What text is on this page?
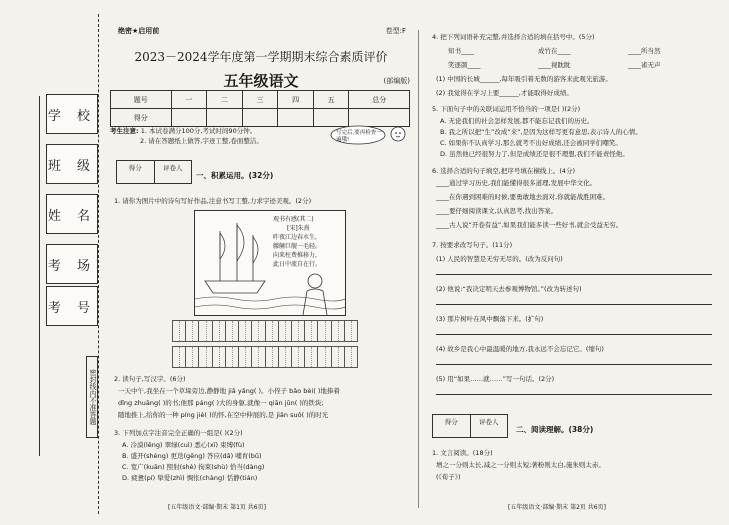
学 校
班 级
姓 名
考 场
考 号
密封线内不准答题
绝密★启用前	卷型:F
2023－2024学年度第一学期期末综合素质评价
五年级语文	(部编版)
题号	一	二	三	四	五	总分
得分						
考生注意: 1. 本试卷满分100分,考试时间90分钟。
2. 请在答题纸上做答,字迹工整,卷面整洁。
写完后,要再检查一遍哦!
得分	评卷人
一、积累运用。(32分)
1. 请你为图片中的诗句写好作品,注意书写工整,力求字迹美观。(2分)
观书有感(其二)
[宋]朱熹
昨夜江边春水生,
艨艟巨舰一毛轻。
向来枉费推移力,
此日中流自在行。
2. 读句子,写汉字。(6分)
一天中午,我坐在一个草垛旁边,静静地 jiǎ yǎng( )。小侄子 bǎo bèi( )地捧着
dǐng zhuāng( )的书;他那 páng( )大的身躯,就像一 qiān jūn( )的铁块;
随地推上,给你的一种 píng jiè( )的怀,在空中伸展的,是 jiǎn suǒ( )的时光
3. 下列加点字注音完全正确的一组是( )(2分)
A. 冷漠(lěng) 翠绿(cuì) 悉心(xī) 束缚(fù)
B. 盛开(shèng) 更迭(gēng) 答应(dā) 哺育(bǔ)
C. 宽广(kuān) 照射(shè) 拘束(shù) 恰当(dàng)
D. 疲惫(pí) 挚爱(zhì) 惆怅(chàng) 恬静(tián)
[五年级语文·部编·期末 第1页 共6页]
4. 把下列词语补充完整,并选择合适的填在括号中。(5分)
知书____	成竹在____	____所当然
笑逐颜____	____视眈眈	____雀无声
(1) 中国的长城______,每年吸引着无数的游客来此观光旅游。
(2) 我觉得在学习上要______,才能取得好成绩。
5. 下面句子中的关联词运用不恰当的一项是( )(2分)
A. 无论我们的社会怎样发展,都不能忘记我们的历史。
B. 我之所以把“生”改成“来”,是因为这样写更有意思,表示诗人的心情。
C. 如果你不认真学习,那么就考不出好成绩,还会被同学们嘲笑。
D. 虽然他已经很努力了,但是成绩还是很不理想,我们不能责怪他。
6. 选择合适的句子填空,把序号填在横线上。(4分)
____通过学习历史,我们能懂得很多道理,发展中华文化。
____在你遇到困难的时候,要勇敢地去面对,你就能战胜困难。
____要仔细阅读课文,认真思考,找出答案。
____古人说“开卷有益”,如果我们能多读一些好书,就会受益无穷。
7. 按要求改写句子。(11分)
(1) 人民的智慧是无穷无尽的。(改为反问句)
(2) 他说:“我决定明天去参观博物馆。”(改为转述句)
(3) 那片树叶在风中飘落下来。(扩句)
(4) 故乡是我心中最温暖的地方,我永远不会忘记它。(缩句)
(5) 用“如果……就……”写一句话。(2分)
得分	评卷人
二、阅读理解。(38分)
1. 文言阅读。(18分)
增之一分则太长,减之一分则太短;著粉则太白,施朱则太赤。
(《荀子》)
[五年级语文·部编·期末 第2页 共6页]
